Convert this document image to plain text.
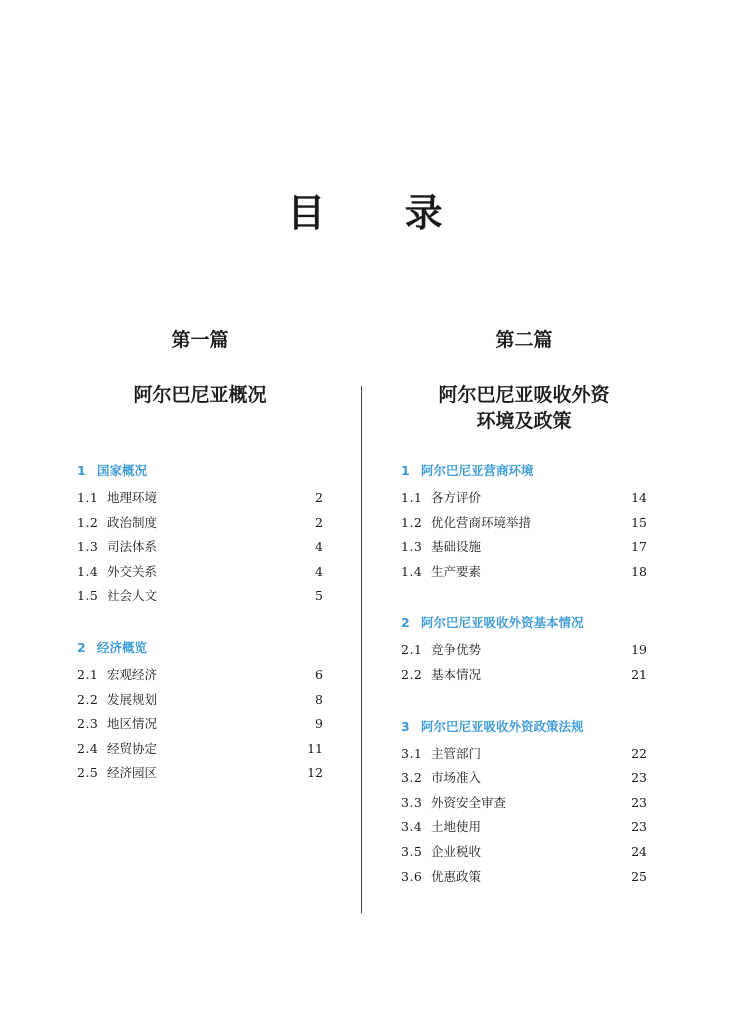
目      录
第一篇
阿尔巴尼亚概况
1 国家概况
1.1 地理环境	2
1.2 政治制度	2
1.3 司法体系	4
1.4 外交关系	4
1.5 社会人文	5
2 经济概览
2.1 宏观经济	6
2.2 发展规划	8
2.3 地区情况	9
2.4 经贸协定	11
2.5 经济园区	12
第二篇
阿尔巴尼亚吸收外资
环境及政策
1 阿尔巴尼亚营商环境
1.1 各方评价	14
1.2 优化营商环境举措	15
1.3 基础设施	17
1.4 生产要素	18
2 阿尔巴尼亚吸收外资基本情况
2.1 竞争优势	19
2.2 基本情况	21
3 阿尔巴尼亚吸收外资政策法规
3.1 主管部门	22
3.2 市场准入	23
3.3 外资安全审查	23
3.4 土地使用	23
3.5 企业税收	24
3.6 优惠政策	25
